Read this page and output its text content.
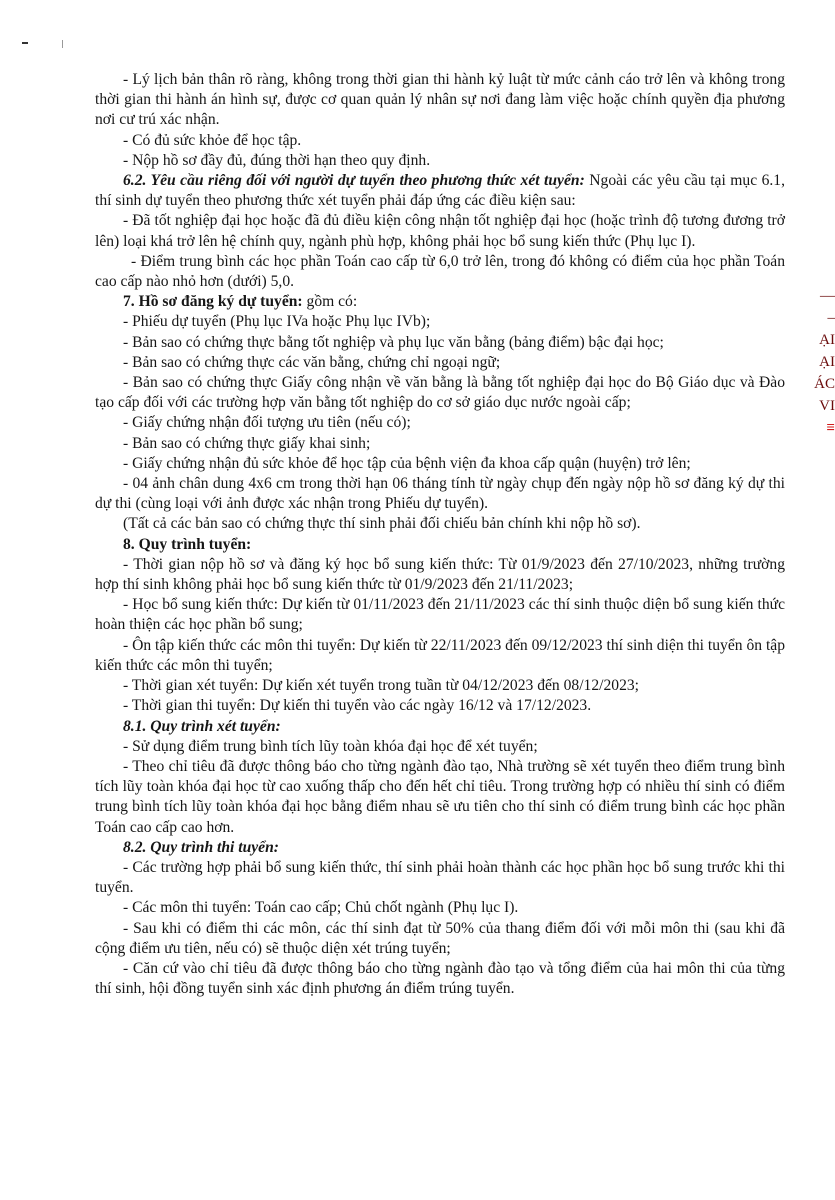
—
–
ẠI
ẠI
ÁC
VI
≡

- Lý lịch bản thân rõ ràng, không trong thời gian thi hành kỷ luật từ mức cảnh cáo trở lên và không trong thời gian thi hành án hình sự, được cơ quan quản lý nhân sự nơi đang làm việc hoặc chính quyền địa phương nơi cư trú xác nhận.

- Có đủ sức khỏe để học tập.

- Nộp hồ sơ đầy đủ, đúng thời hạn theo quy định.

6.2. Yêu cầu riêng đối với người dự tuyển theo phương thức xét tuyển: Ngoài các yêu cầu tại mục 6.1, thí sinh dự tuyển theo phương thức xét tuyển phải đáp ứng các điều kiện sau:

- Đã tốt nghiệp đại học hoặc đã đủ điều kiện công nhận tốt nghiệp đại học (hoặc trình độ tương đương trở lên) loại khá trở lên hệ chính quy, ngành phù hợp, không phải học bổ sung kiến thức (Phụ lục I).

- Điểm trung bình các học phần Toán cao cấp từ 6,0 trở lên, trong đó không có điểm của học phần Toán cao cấp nào nhỏ hơn (dưới) 5,0.

7. Hồ sơ đăng ký dự tuyển: gồm có:

- Phiếu dự tuyển (Phụ lục IVa hoặc Phụ lục IVb);

- Bản sao có chứng thực bằng tốt nghiệp và phụ lục văn bằng (bảng điểm) bậc đại học;

- Bản sao có chứng thực các văn bằng, chứng chỉ ngoại ngữ;

- Bản sao có chứng thực Giấy công nhận về văn bằng là bằng tốt nghiệp đại học do Bộ Giáo dục và Đào tạo cấp đối với các trường hợp văn bằng tốt nghiệp do cơ sở giáo dục nước ngoài cấp;

- Giấy chứng nhận đối tượng ưu tiên (nếu có);

- Bản sao có chứng thực giấy khai sinh;

- Giấy chứng nhận đủ sức khỏe để học tập của bệnh viện đa khoa cấp quận (huyện) trở lên;

- 04 ảnh chân dung 4x6 cm trong thời hạn 06 tháng tính từ ngày chụp đến ngày nộp hồ sơ đăng ký dự thi dự thi (cùng loại với ảnh được xác nhận trong Phiếu dự tuyển).

(Tất cả các bản sao có chứng thực thí sinh phải đối chiếu bản chính khi nộp hồ sơ).

8. Quy trình tuyển:

- Thời gian nộp hồ sơ và đăng ký học bổ sung kiến thức: Từ 01/9/2023 đến 27/10/2023, những trường hợp thí sinh không phải học bổ sung kiến thức từ 01/9/2023 đến 21/11/2023;

- Học bổ sung kiến thức: Dự kiến từ 01/11/2023 đến 21/11/2023 các thí sinh thuộc diện bổ sung kiến thức hoàn thiện các học phần bổ sung;

- Ôn tập kiến thức các môn thi tuyển: Dự kiến từ 22/11/2023 đến 09/12/2023 thí sinh diện thi tuyển ôn tập kiến thức các môn thi tuyển;

- Thời gian xét tuyển: Dự kiến xét tuyển trong tuần từ 04/12/2023 đến 08/12/2023;

- Thời gian thi tuyển: Dự kiến thi tuyển vào các ngày 16/12 và 17/12/2023.

8.1. Quy trình xét tuyển:

- Sử dụng điểm trung bình tích lũy toàn khóa đại học để xét tuyển;

- Theo chỉ tiêu đã được thông báo cho từng ngành đào tạo, Nhà trường sẽ xét tuyển theo điểm trung bình tích lũy toàn khóa đại học từ cao xuống thấp cho đến hết chỉ tiêu. Trong trường hợp có nhiều thí sinh có điểm trung bình tích lũy toàn khóa đại học bằng điểm nhau sẽ ưu tiên cho thí sinh có điểm trung bình các học phần Toán cao cấp cao hơn.

8.2. Quy trình thi tuyển:

- Các trường hợp phải bổ sung kiến thức, thí sinh phải hoàn thành các học phần học bổ sung trước khi thi tuyển.

- Các môn thi tuyển: Toán cao cấp; Chủ chốt ngành (Phụ lục I).

- Sau khi có điểm thi các môn, các thí sinh đạt từ 50% của thang điểm đối với mỗi môn thi (sau khi đã cộng điểm ưu tiên, nếu có) sẽ thuộc diện xét trúng tuyển;

- Căn cứ vào chỉ tiêu đã được thông báo cho từng ngành đào tạo và tổng điểm của hai môn thi của từng thí sinh, hội đồng tuyển sinh xác định phương án điểm trúng tuyển.
